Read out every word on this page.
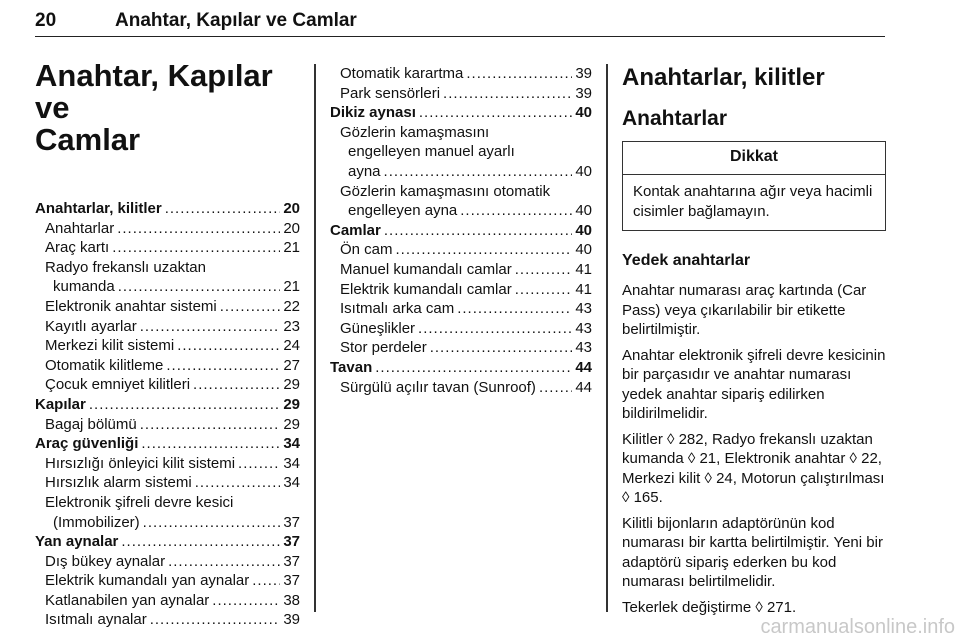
20	Anahtar, Kapılar ve Camlar

Anahtar, Kapılar ve
Camlar

Anahtarlar, kilitler .....	20
Anahtarlar .....	20
Araç kartı .....	21
Radyo frekanslı uzaktan
kumanda .....	21
Elektronik anahtar sistemi .....	22
Kayıtlı ayarlar .....	23
Merkezi kilit sistemi .....	24
Otomatik kilitleme .....	27
Çocuk emniyet kilitleri .....	29
Kapılar .....	29
Bagaj bölümü .....	29
Araç güvenliği .....	34
Hırsızlığı önleyici kilit sistemi .....	34
Hırsızlık alarm sistemi .....	34
Elektronik şifreli devre kesici
(Immobilizer) .....	37
Yan aynalar .....	37
Dış bükey aynalar .....	37
Elektrik kumandalı yan aynalar ..... 37
Katlanabilen yan aynalar .....	38
Isıtmalı aynalar .....	39
Otomatik karartma .....	39
Park sensörleri .....	39
Dikiz aynası .....	40
Gözlerin kamaşmasını
engelleyen manuel ayarlı
ayna .....	40
Gözlerin kamaşmasını otomatik
engelleyen ayna .....	40
Camlar .....	40
Ön cam .....	40
Manuel kumandalı camlar .....	41
Elektrik kumandalı camlar .....	41
Isıtmalı arka cam .....	43
Güneşlikler .....	43
Stor perdeler .....	43
Tavan .....	44
Sürgülü açılır tavan (Sunroof) .....	44

Anahtarlar, kilitler

Anahtarlar

Dikkat
Kontak anahtarına ağır veya hacimli cisimler bağlamayın.

Yedek anahtarlar

Anahtar numarası araç kartında (Car Pass) veya çıkarılabilir bir etikette belirtilmiştir.

Anahtar elektronik şifreli devre kesicinin bir parçasıdır ve anahtar numarası yedek anahtar sipariş edilirken bildirilmelidir.

Kilitler ◊ 282, Radyo frekanslı uzaktan kumanda ◊ 21, Elektronik anahtar ◊ 22, Merkezi kilit ◊ 24, Motorun çalıştırılması ◊ 165.

Kilitli bijonların adaptörünün kod numarası bir kartta belirtilmiştir. Yeni bir adaptörü sipariş ederken bu kod numarası belirtilmelidir.

Tekerlek değiştirme ◊ 271.

carmanualsonline.info
